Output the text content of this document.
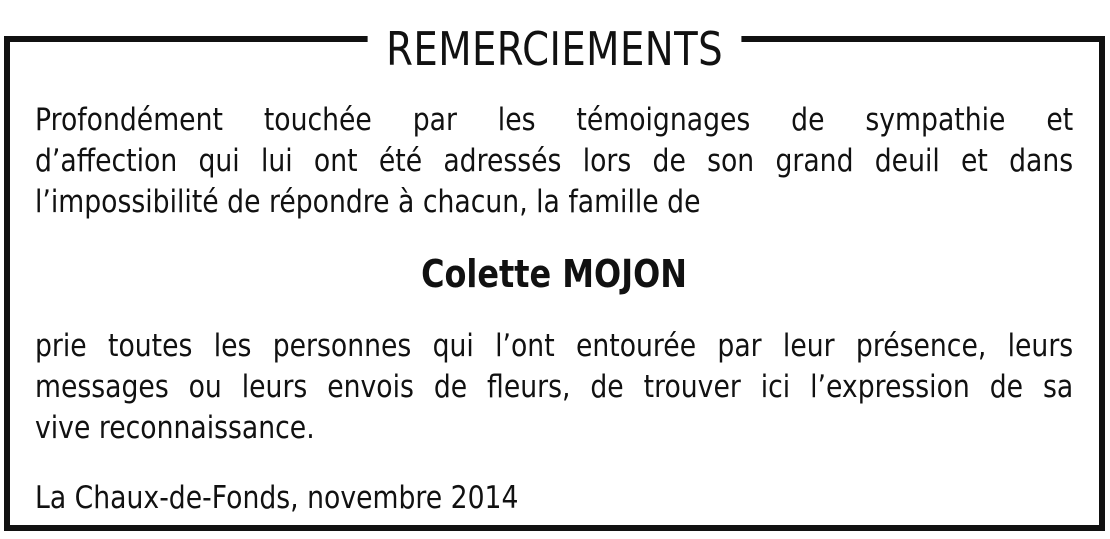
REMERCIEMENTS

Profondément touchée par les témoignages de sympathie et
d’affection qui lui ont été adressés lors de son grand deuil et dans
l’impossibilité de répondre à chacun, la famille de

Colette MOJON

prie toutes les personnes qui l’ont entourée par leur présence, leurs
messages ou leurs envois de fleurs, de trouver ici l’expression de sa
vive reconnaissance.

La Chaux-de-Fonds, novembre 2014
